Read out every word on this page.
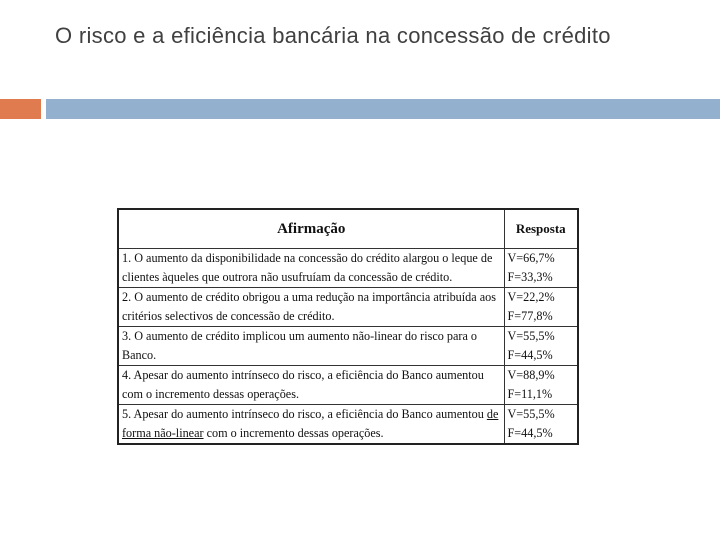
O risco e a eficiência bancária na concessão de crédito
Afirmação	Resposta
1. O aumento da disponibilidade na concessão do crédito alargou o leque de clientes àqueles que outrora não usufruíam da concessão de crédito.	V=66,7%
F=33,3%

2. O aumento de crédito obrigou a uma redução na importância atribuída aos critérios selectivos de concessão de crédito.	V=22,2%
F=77,8%

3. O aumento de crédito implicou um aumento não-linear do risco para o Banco.	V=55,5%
F=44,5%

4. Apesar do aumento intrínseco do risco, a eficiência do Banco aumentou com o incremento dessas operações.	V=88,9%
F=11,1%

5. Apesar do aumento intrínseco do risco, a eficiência do Banco aumentou de forma não-linear com o incremento dessas operações.	V=55,5%
F=44,5%
